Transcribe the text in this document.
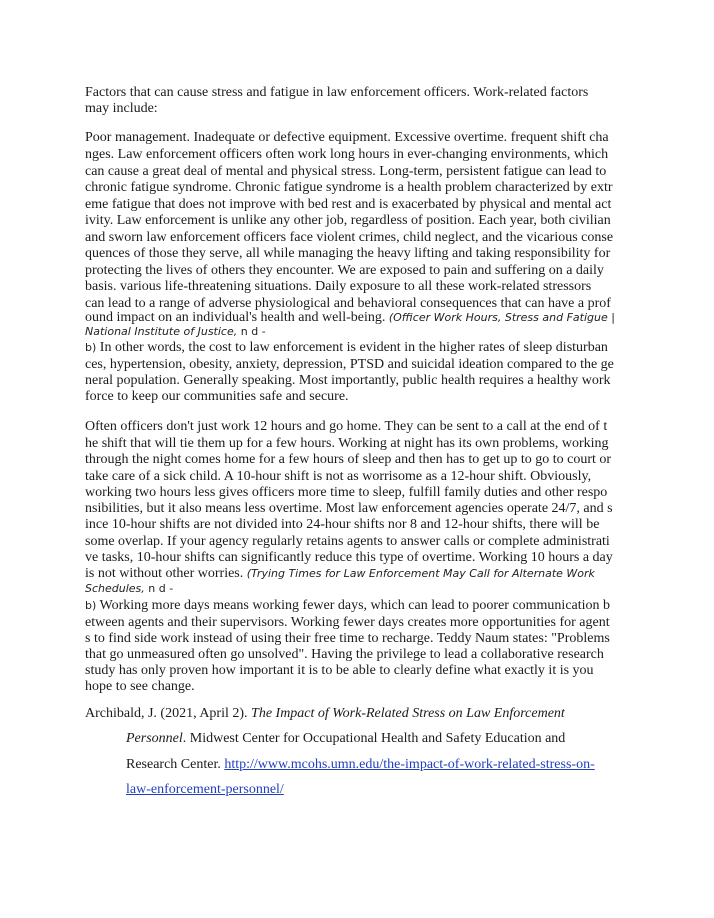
Factors that can cause stress and fatigue in law enforcement officers. Work-related factors
may include:
Poor management. Inadequate or defective equipment. Excessive overtime. frequent shift cha
nges. Law enforcement officers often work long hours in ever-changing environments, which
can cause a great deal of mental and physical stress. Long-term, persistent fatigue can lead to
chronic fatigue syndrome. Chronic fatigue syndrome is a health problem characterized by extr
eme fatigue that does not improve with bed rest and is exacerbated by physical and mental act
ivity. Law enforcement is unlike any other job, regardless of position. Each year, both civilian
and sworn law enforcement officers face violent crimes, child neglect, and the vicarious conse
quences of those they serve, all while managing the heavy lifting and taking responsibility for
protecting the lives of others they encounter. We are exposed to pain and suffering on a daily
basis. various life-threatening situations. Daily exposure to all these work-related stressors
can lead to a range of adverse physiological and behavioral consequences that can have a prof
ound impact on an individual's health and well-being. (Officer Work Hours, Stress and Fatigue |
National Institute of Justice, n d -
b) In other words, the cost to law enforcement is evident in the higher rates of sleep disturban
ces, hypertension, obesity, anxiety, depression, PTSD and suicidal ideation compared to the ge
neral population. Generally speaking. Most importantly, public health requires a healthy work
force to keep our communities safe and secure.
Often officers don't just work 12 hours and go home. They can be sent to a call at the end of t
he shift that will tie them up for a few hours. Working at night has its own problems, working
through the night comes home for a few hours of sleep and then has to get up to go to court or
take care of a sick child. A 10-hour shift is not as worrisome as a 12-hour shift. Obviously,
working two hours less gives officers more time to sleep, fulfill family duties and other respo
nsibilities, but it also means less overtime. Most law enforcement agencies operate 24/7, and s
ince 10-hour shifts are not divided into 24-hour shifts nor 8 and 12-hour shifts, there will be
some overlap. If your agency regularly retains agents to answer calls or complete administrati
ve tasks, 10-hour shifts can significantly reduce this type of overtime. Working 10 hours a day
is not without other worries. (Trying Times for Law Enforcement May Call for Alternate Work
Schedules, n d -
b) Working more days means working fewer days, which can lead to poorer communication b
etween agents and their supervisors. Working fewer days creates more opportunities for agent
s to find side work instead of using their free time to recharge. Teddy Naum states: "Problems
that go unmeasured often go unsolved". Having the privilege to lead a collaborative research
study has only proven how important it is to be able to clearly define what exactly it is you
hope to see change.
Archibald, J. (2021, April 2). The Impact of Work-Related Stress on Law Enforcement
Personnel. Midwest Center for Occupational Health and Safety Education and
Research Center. http://www.mcohs.umn.edu/the-impact-of-work-related-stress-on-
law-enforcement-personnel/
